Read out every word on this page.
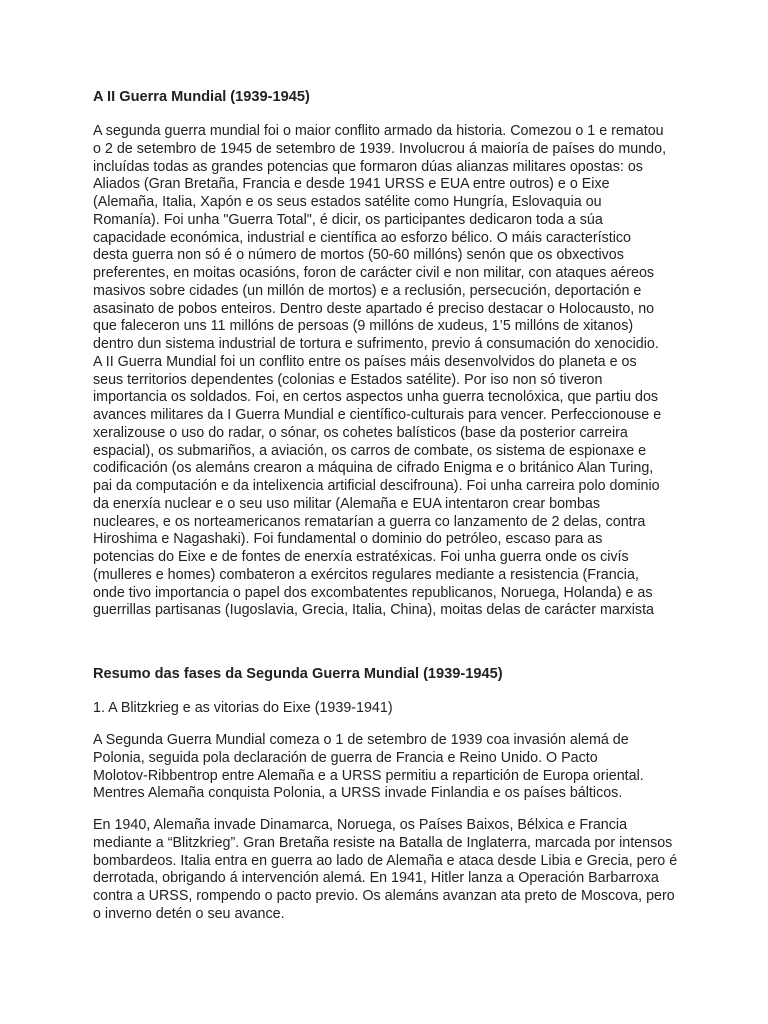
A II Guerra Mundial (1939-1945)
A segunda guerra mundial foi o maior conflito armado da historia. Comezou o 1 e rematou
o 2 de setembro de 1945 de setembro de 1939. Involucrou á maioría de países do mundo,
incluídas todas as grandes potencias que formaron dúas alianzas militares opostas: os
Aliados (Gran Bretaña, Francia e desde 1941 URSS e EUA entre outros) e o Eixe
(Alemaña, Italia, Xapón e os seus estados satélite como Hungría, Eslovaquia ou
Romanía). Foi unha "Guerra Total", é dicir, os participantes dedicaron toda a súa
capacidade económica, industrial e científica ao esforzo bélico. O máis característico
desta guerra non só é o número de mortos (50-60 millóns) senón que os obxectivos
preferentes, en moitas ocasións, foron de carácter civil e non militar, con ataques aéreos
masivos sobre cidades (un millón de mortos) e a reclusión, persecución, deportación e
asasinato de pobos enteiros. Dentro deste apartado é preciso destacar o Holocausto, no
que faleceron uns 11 millóns de persoas (9 millóns de xudeus, 1’5 millóns de xitanos)
dentro dun sistema industrial de tortura e sufrimento, previo á consumación do xenocidio.
A II Guerra Mundial foi un conflito entre os países máis desenvolvidos do planeta e os
seus territorios dependentes (colonias e Estados satélite). Por iso non só tiveron
importancia os soldados. Foi, en certos aspectos unha guerra tecnolóxica, que partiu dos
avances militares da I Guerra Mundial e científico-culturais para vencer. Perfeccionouse e
xeralizouse o uso do radar, o sónar, os cohetes balísticos (base da posterior carreira
espacial), os submariños, a aviación, os carros de combate, os sistema de espionaxe e
codificación (os alemáns crearon a máquina de cifrado Enigma e o británico Alan Turing,
pai da computación e da intelixencia artificial descifrouna). Foi unha carreira polo dominio
da enerxía nuclear e o seu uso militar (Alemaña e EUA intentaron crear bombas
nucleares, e os norteamericanos rematarían a guerra co lanzamento de 2 delas, contra
Hiroshima e Nagashaki). Foi fundamental o dominio do petróleo, escaso para as
potencias do Eixe e de fontes de enerxía estratéxicas. Foi unha guerra onde os civís
(mulleres e homes) combateron a exércitos regulares mediante a resistencia (Francia,
onde tivo importancia o papel dos excombatentes republicanos, Noruega, Holanda) e as
guerrillas partisanas (Iugoslavia, Grecia, Italia, China), moitas delas de carácter marxista
Resumo das fases da Segunda Guerra Mundial (1939-1945)
1. A Blitzkrieg e as vitorias do Eixe (1939-1941)
A Segunda Guerra Mundial comeza o 1 de setembro de 1939 coa invasión alemá de
Polonia, seguida pola declaración de guerra de Francia e Reino Unido. O Pacto
Molotov-Ribbentrop entre Alemaña e a URSS permitiu a repartición de Europa oriental.
Mentres Alemaña conquista Polonia, a URSS invade Finlandia e os países bálticos.
En 1940, Alemaña invade Dinamarca, Noruega, os Países Baixos, Bélxica e Francia
mediante a “Blitzkrieg”. Gran Bretaña resiste na Batalla de Inglaterra, marcada por intensos
bombardeos. Italia entra en guerra ao lado de Alemaña e ataca desde Libia e Grecia, pero é
derrotada, obrigando á intervención alemá. En 1941, Hitler lanza a Operación Barbarroxa
contra a URSS, rompendo o pacto previo. Os alemáns avanzan ata preto de Moscova, pero
o inverno detén o seu avance.
